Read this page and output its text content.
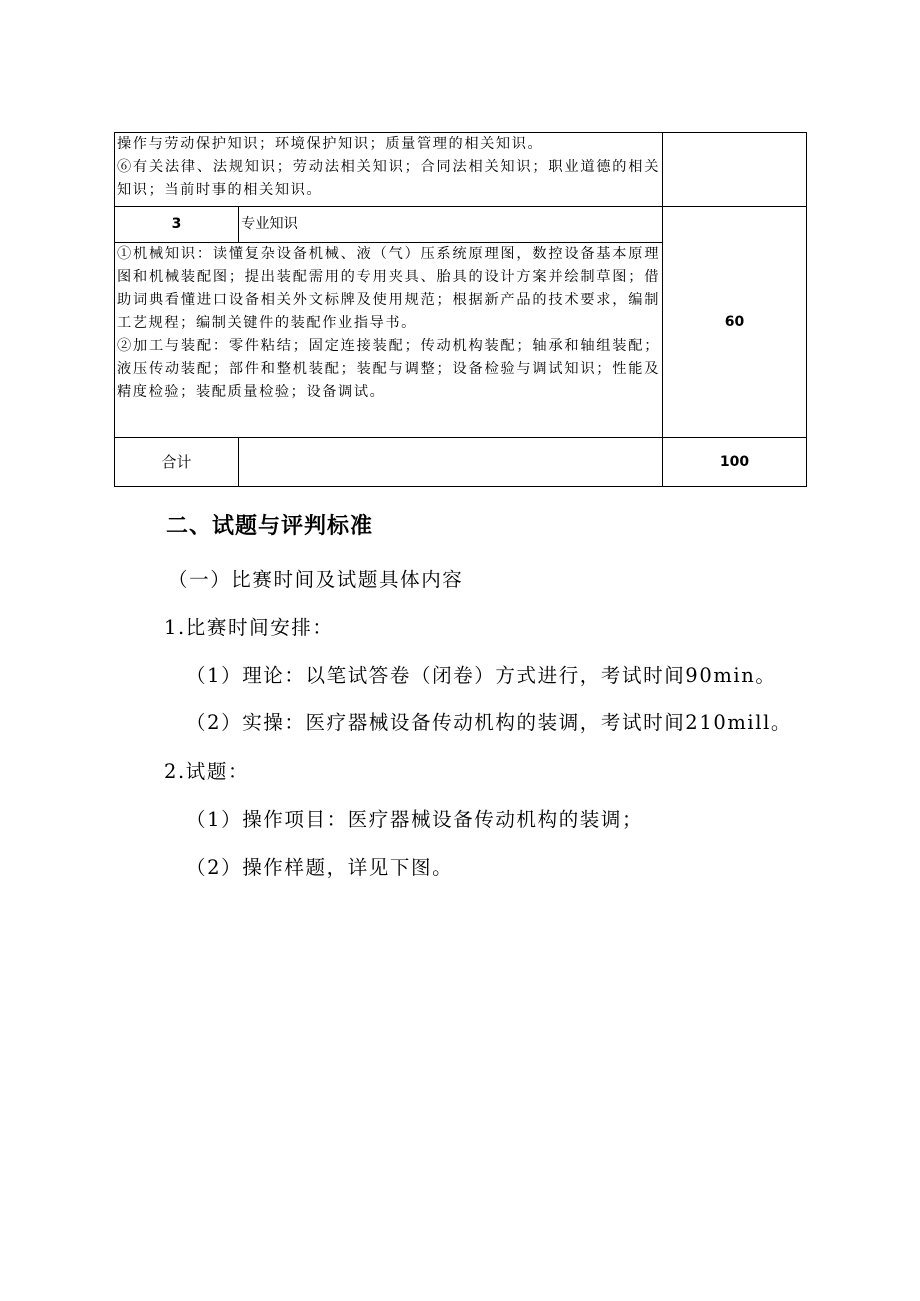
操作与劳动保护知识；环境保护知识；质量管理的相关知识。
⑥有关法律、法规知识；劳动法相关知识；合同法相关知识；职业道德的相关知识；当前时事的相关知识。		

3	专业知识	60

①机械知识：读懂复杂设备机械、液（气）压系统原理图，数控设备基本原理图和机械装配图；提出装配需用的专用夹具、胎具的设计方案并绘制草图；借助词典看懂进口设备相关外文标牌及使用规范；根据新产品的技术要求，编制工艺规程；编制关键件的装配作业指导书。
②加工与装配：零件粘结；固定连接装配；传动机构装配；轴承和轴组装配；液压传动装配；部件和整机装配；装配与调整；设备检验与调试知识；性能及精度检验；装配质量检验；设备调试。		

合计		100
二、试题与评判标准

（一）比赛时间及试题具体内容

1.比赛时间安排：

（1）理论：以笔试答卷（闭卷）方式进行，考试时间90min。

（2）实操：医疗器械设备传动机构的装调，考试时间210mill。

2.试题：

（1）操作项目：医疗器械设备传动机构的装调；

（2）操作样题，详见下图。
